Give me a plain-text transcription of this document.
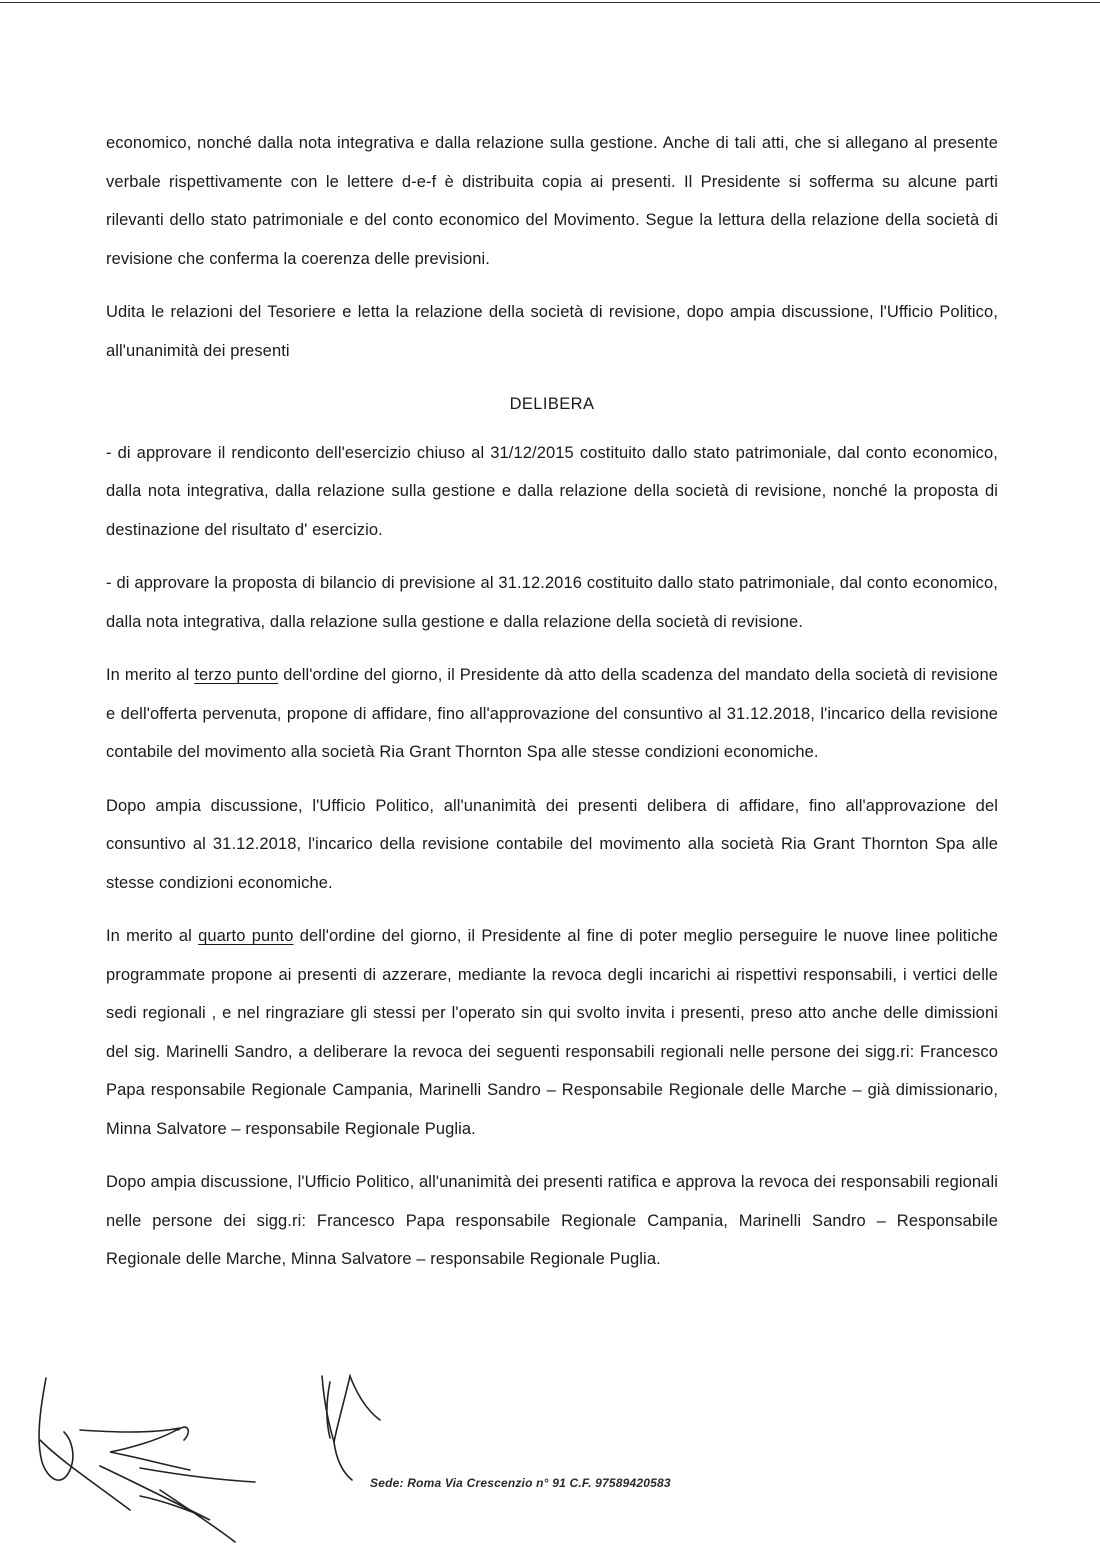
economico, nonché dalla nota integrativa e dalla relazione sulla gestione. Anche di tali atti, che si allegano al presente verbale rispettivamente con le lettere d-e-f è distribuita copia ai presenti. Il Presidente si sofferma su alcune parti rilevanti dello stato patrimoniale e del conto economico del Movimento. Segue la lettura della relazione della società di revisione che conferma la coerenza delle previsioni.

Udita le relazioni del Tesoriere e letta la relazione della società di revisione, dopo ampia discussione, l'Ufficio Politico, all'unanimità dei presenti

DELIBERA

- di approvare il rendiconto dell'esercizio chiuso al 31/12/2015 costituito dallo stato patrimoniale, dal conto economico, dalla nota integrativa, dalla relazione sulla gestione e dalla relazione della società di revisione, nonché la proposta di destinazione del risultato d' esercizio.

- di approvare la proposta di bilancio di previsione al 31.12.2016 costituito dallo stato patrimoniale, dal conto economico, dalla nota integrativa, dalla relazione sulla gestione e dalla relazione della società di revisione.

In merito al terzo punto dell'ordine del giorno, il Presidente dà atto della scadenza del mandato della società di revisione e dell'offerta pervenuta, propone di affidare, fino all'approvazione del consuntivo al 31.12.2018, l'incarico della revisione contabile del movimento alla società Ria Grant Thornton Spa alle stesse condizioni economiche.

Dopo ampia discussione, l'Ufficio Politico, all'unanimità dei presenti delibera di affidare, fino all'approvazione del consuntivo al 31.12.2018, l'incarico della revisione contabile del movimento alla società Ria Grant Thornton Spa alle stesse condizioni economiche.

In merito al quarto punto dell'ordine del giorno, il Presidente al fine di poter meglio perseguire le nuove linee politiche programmate propone ai presenti di azzerare, mediante la revoca degli incarichi ai rispettivi responsabili, i vertici delle sedi regionali , e nel ringraziare gli stessi per l'operato sin qui svolto invita i presenti, preso atto anche delle dimissioni del sig. Marinelli Sandro, a deliberare la revoca dei seguenti responsabili regionali nelle persone dei sigg.ri: Francesco Papa responsabile Regionale Campania, Marinelli Sandro – Responsabile Regionale delle Marche – già dimissionario, Minna Salvatore – responsabile Regionale Puglia.

Dopo ampia discussione, l'Ufficio Politico, all'unanimità dei presenti ratifica e approva la revoca dei responsabili regionali nelle persone dei sigg.ri: Francesco Papa responsabile Regionale Campania, Marinelli Sandro – Responsabile Regionale delle Marche, Minna Salvatore – responsabile Regionale Puglia.

Sede: Roma Via Crescenzio n° 91 C.F. 97589420583
